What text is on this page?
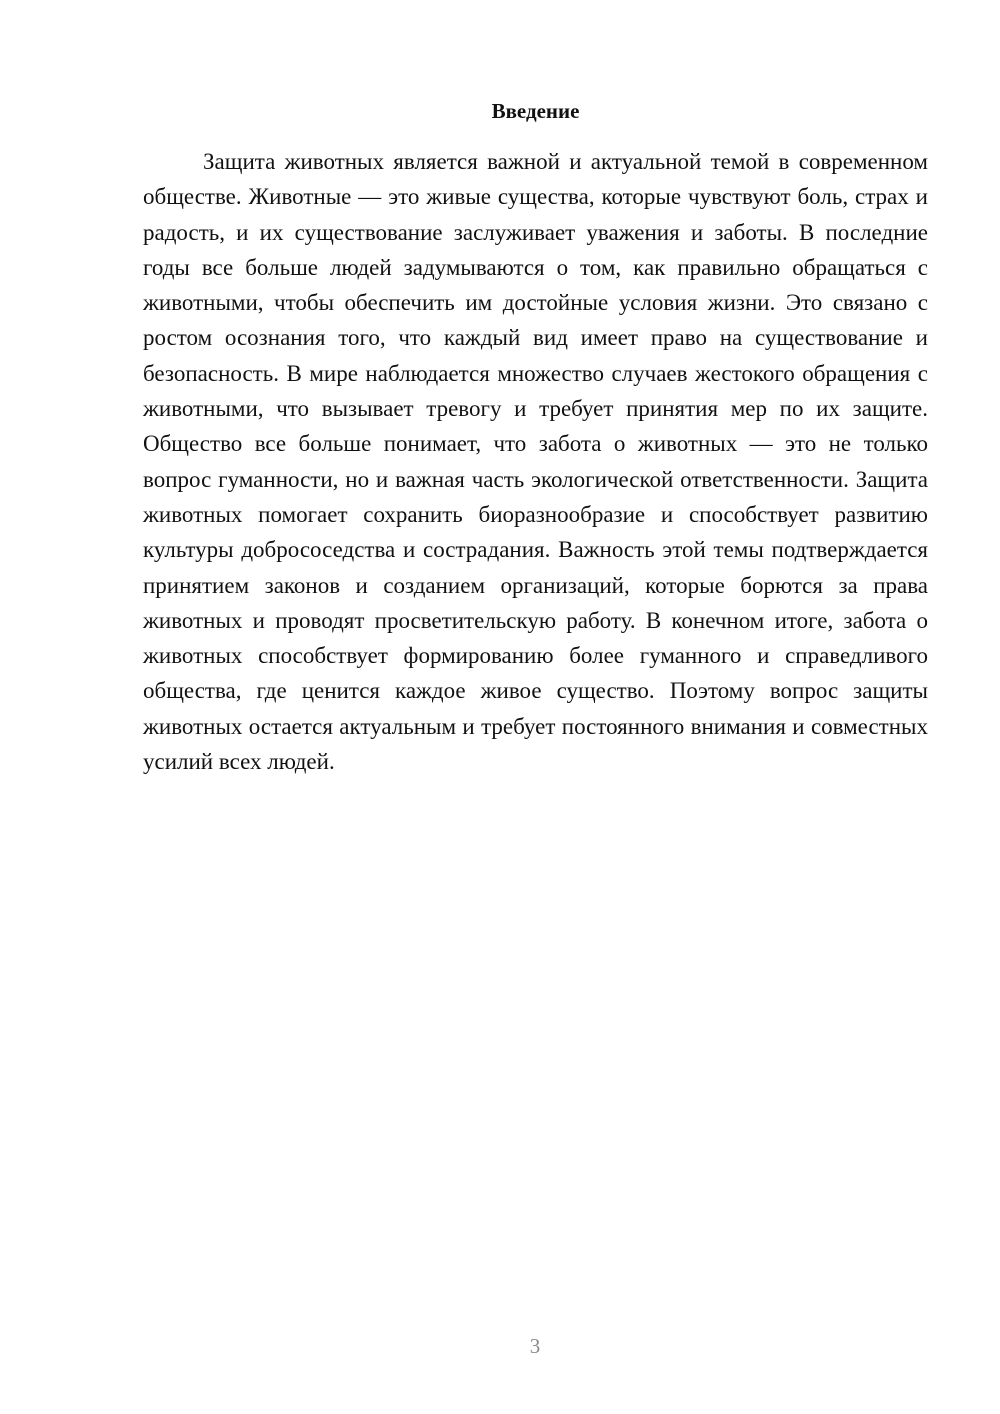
Введение

Защита животных является важной и актуальной темой в современном обществе. Животные — это живые существа, которые чувствуют боль, страх и радость, и их существование заслуживает уважения и заботы. В последние годы все больше людей задумываются о том, как правильно обращаться с животными, чтобы обеспечить им достойные условия жизни. Это связано с ростом осознания того, что каждый вид имеет право на существование и безопасность. В мире наблюдается множество случаев жестокого обращения с животными, что вызывает тревогу и требует принятия мер по их защите. Общество все больше понимает, что забота о животных — это не только вопрос гуманности, но и важная часть экологической ответственности. Защита животных помогает сохранить биоразнообразие и способствует развитию культуры добрососедства и сострадания. Важность этой темы подтверждается принятием законов и созданием организаций, которые борются за права животных и проводят просветительскую работу. В конечном итоге, забота о животных способствует формированию более гуманного и справедливого общества, где ценится каждое живое существо. Поэтому вопрос защиты животных остается актуальным и требует постоянного внимания и совместных усилий всех людей.

3
